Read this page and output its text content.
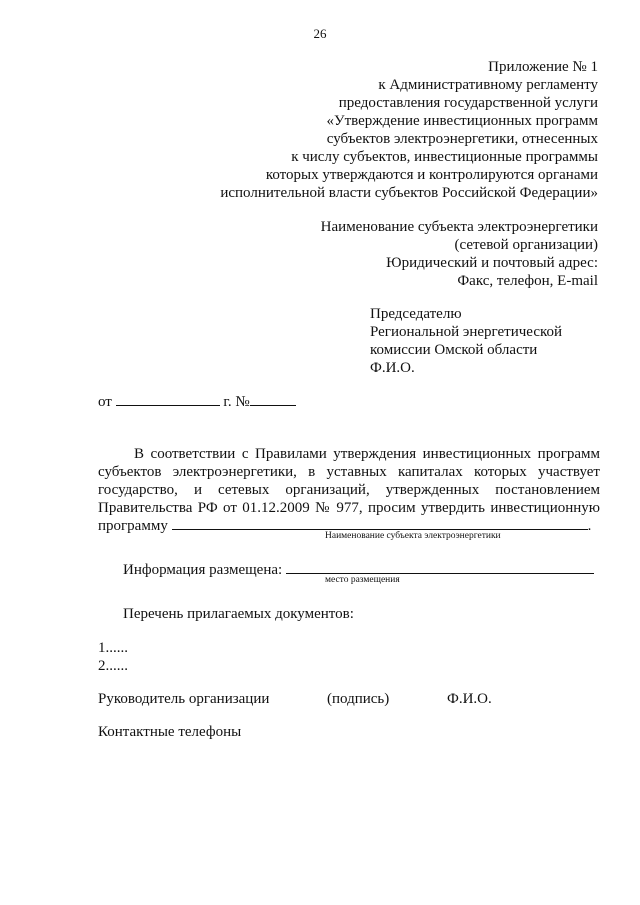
26
Приложение № 1
к Административному регламенту
предоставления государственной услуги
«Утверждение инвестиционных программ
субъектов электроэнергетики, отнесенных
к числу субъектов, инвестиционные программы
которых утверждаются и контролируются органами
исполнительной власти субъектов Российской Федерации»
Наименование субъекта электроэнергетики
(сетевой организации)
Юридический и почтовый адрес:
Факс, телефон, E-mail
Председателю
Региональной энергетической
комиссии Омской области
Ф.И.О.
от	г. №
В соответствии с Правилами утверждения инвестиционных программ
субъектов электроэнергетики, в уставных капиталах которых участвует
государство, и сетевых организаций, утвержденных постановлением
Правительства РФ от 01.12.2009 № 977, просим утвердить инвестиционную
программу	.
Наименование субъекта электроэнергетики
Информация размещена:
место размещения
Перечень прилагаемых документов:
1......
2......
Руководитель организации	(подпись)	Ф.И.О.
Контактные телефоны
